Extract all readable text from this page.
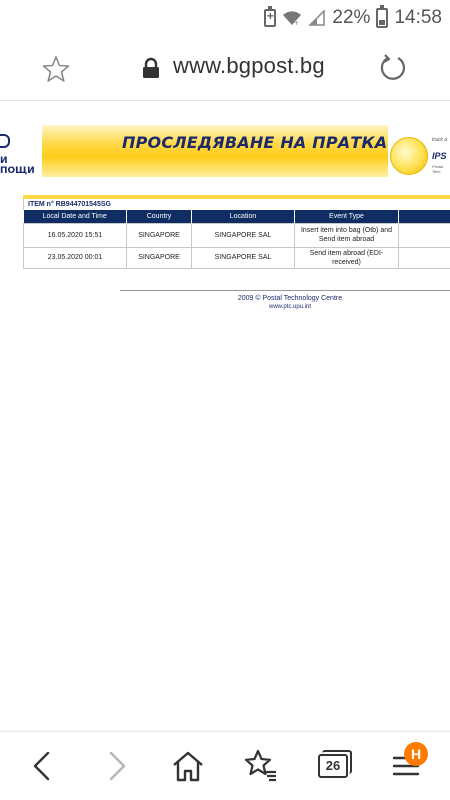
+
+ 22% 14:58
www.bgpost.bg
И ПОЩИ
ПРОСЛЕДЯВАНЕ НА ПРАТКА	track a
IPS
Postal Tech
ITEM n° RB944701545SG
Local Date and Time	Country	Location	Event Type	
16.05.2020 15:51	SINGAPORE	SINGAPORE SAL	Insert item into bag (Otb) and Send item abroad	
23.05.2020 00:01	SINGAPORE	SINGAPORE SAL	Send item abroad (EDI-received)	
2009 © Postal Technology Centre
www.ptc.upu.int
26
H
